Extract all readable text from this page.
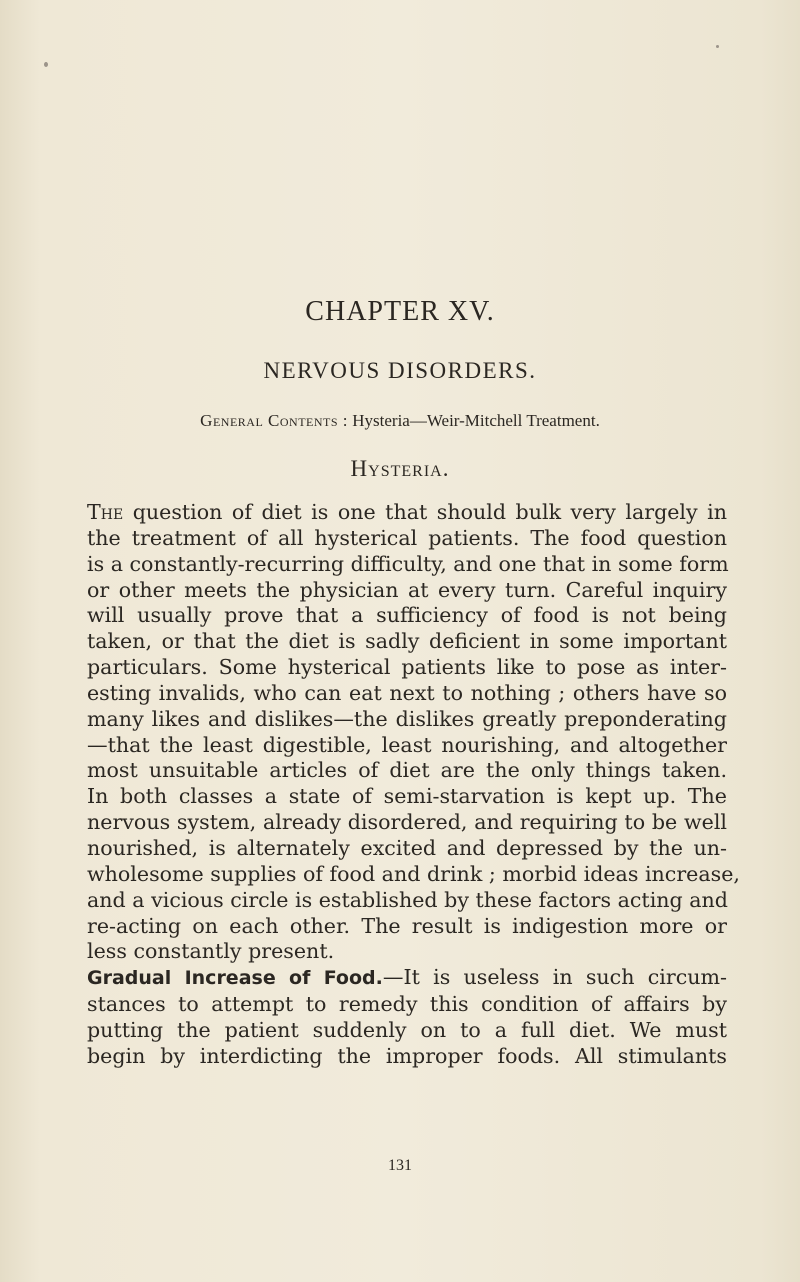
CHAPTER XV.
NERVOUS DISORDERS.
General Contents : Hysteria—Weir-Mitchell Treatment.
Hysteria.
The question of diet is one that should bulk very largely in
the treatment of all hysterical patients. The food question
is a constantly-recurring difficulty, and one that in some form
or other meets the physician at every turn. Careful inquiry
will usually prove that a sufficiency of food is not being
taken, or that the diet is sadly deficient in some important
particulars. Some hysterical patients like to pose as inter-
esting invalids, who can eat next to nothing ; others have so
many likes and dislikes—the dislikes greatly preponderating
—that the least digestible, least nourishing, and altogether
most unsuitable articles of diet are the only things taken.
In both classes a state of semi-starvation is kept up. The
nervous system, already disordered, and requiring to be well
nourished, is alternately excited and depressed by the un-
wholesome supplies of food and drink ; morbid ideas increase,
and a vicious circle is established by these factors acting and
re-acting on each other. The result is indigestion more or
less constantly present.
Gradual Increase of Food.—It is useless in such circum-
stances to attempt to remedy this condition of affairs by
putting the patient suddenly on to a full diet. We must
begin by interdicting the improper foods. All stimulants
131
